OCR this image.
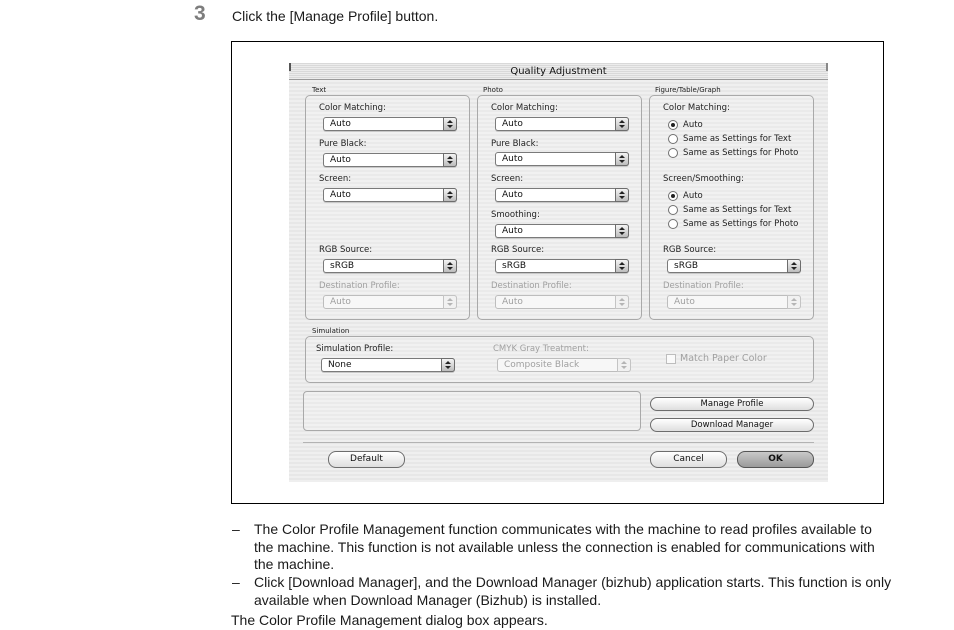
3 Click the [Manage Profile] button.
Quality Adjustment
Text	Photo	Figure/Table/Graph
Color Matching:
Auto
Pure Black:
Auto
Screen:
Auto
RGB Source:
sRGB
Destination Profile:
Auto
Color Matching:
Auto
Pure Black:
Auto
Screen:
Auto
Smoothing:
Auto
RGB Source:
sRGB
Destination Profile:
Auto
Color Matching:
Auto
Same as Settings for Text
Same as Settings for Photo
Screen/Smoothing:
Auto
Same as Settings for Text
Same as Settings for Photo
RGB Source:
sRGB
Destination Profile:
Auto
Simulation
Simulation Profile:
None
CMYK Gray Treatment:
Composite Black
Match Paper Color
Manage Profile
Download Manager
Default	Cancel	OK
– The Color Profile Management function communicates with the machine to read profiles available to the machine. This function is not available unless the connection is enabled for communications with the machine.
– Click [Download Manager], and the Download Manager (bizhub) application starts. This function is only available when Download Manager (Bizhub) is installed.
The Color Profile Management dialog box appears.
